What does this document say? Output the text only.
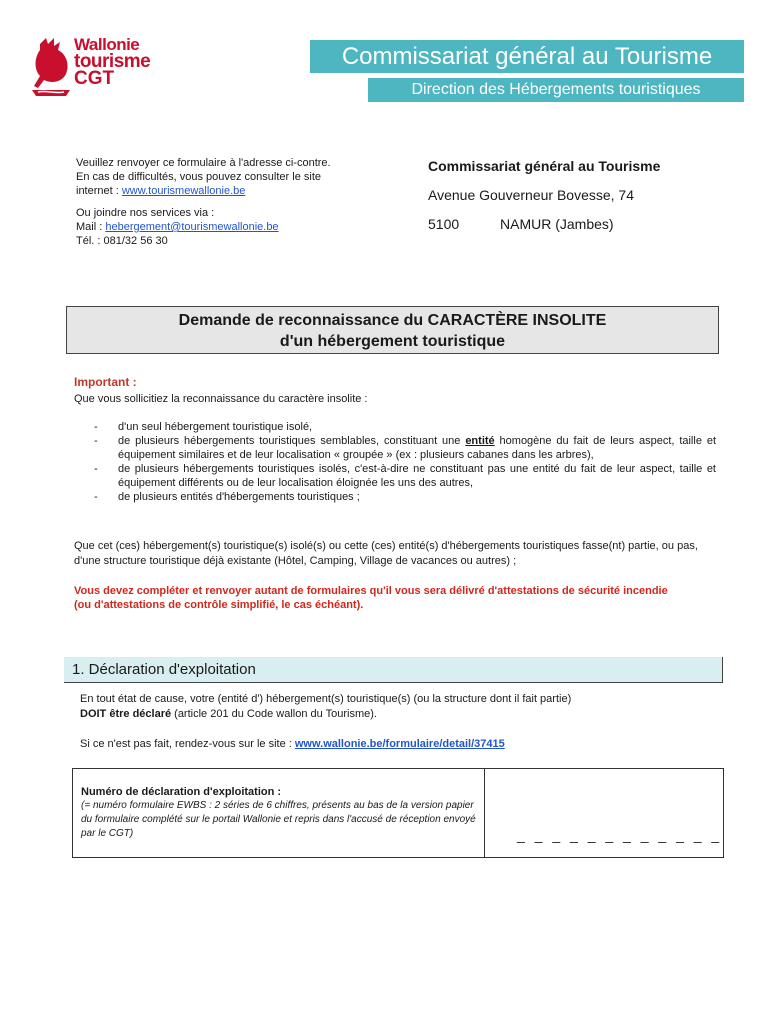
Wallonie
tourisme
CGT
Commissariat général au Tourisme
Direction des Hébergements touristiques

Veuillez renvoyer ce formulaire à l'adresse ci-contre.
En cas de difficultés, vous pouvez consulter le site
internet : www.tourismewallonie.be

Ou joindre nos services via :
Mail : hebergement@tourismewallonie.be
Tél. : 081/32 56 30

Commissariat général au Tourisme
Avenue Gouverneur Bovesse, 74
5100	NAMUR (Jambes)
Demande de reconnaissance du CARACTÈRE INSOLITE
d'un hébergement touristique
Important :
Que vous sollicitiez la reconnaissance du caractère insolite :
- d'un seul hébergement touristique isolé,
- de plusieurs hébergements touristiques semblables, constituant une entité homogène du fait de leurs aspect, taille et équipement similaires et de leur localisation « groupée » (ex : plusieurs cabanes dans les arbres),
- de plusieurs hébergements touristiques isolés, c'est-à-dire ne constituant pas une entité du fait de leur aspect, taille et équipement différents ou de leur localisation éloignée les uns des autres,
- de plusieurs entités d'hébergements touristiques ;
Que cet (ces) hébergement(s) touristique(s) isolé(s) ou cette (ces) entité(s) d'hébergements touristiques fasse(nt) partie, ou pas, d'une structure touristique déjà existante (Hôtel, Camping, Village de vacances ou autres) ;
Vous devez compléter et renvoyer autant de formulaires qu'il vous sera délivré d'attestations de sécurité incendie
(ou d'attestations de contrôle simplifié, le cas échéant).
1. Déclaration d'exploitation
En tout état de cause, votre (entité d') hébergement(s) touristique(s) (ou la structure dont il fait partie)
DOIT être déclaré (article 201 du Code wallon du Tourisme).
Si ce n'est pas fait, rendez-vous sur le site : www.wallonie.be/formulaire/detail/37415
Numéro de déclaration d'exploitation :
(= numéro formulaire EWBS : 2 séries de 6 chiffres, présents au bas de la version papier du formulaire complété sur le portail Wallonie et repris dans l'accusé de réception envoyé par le CGT)	_ _ _ _ _ _ _ _ _ _ _ _
